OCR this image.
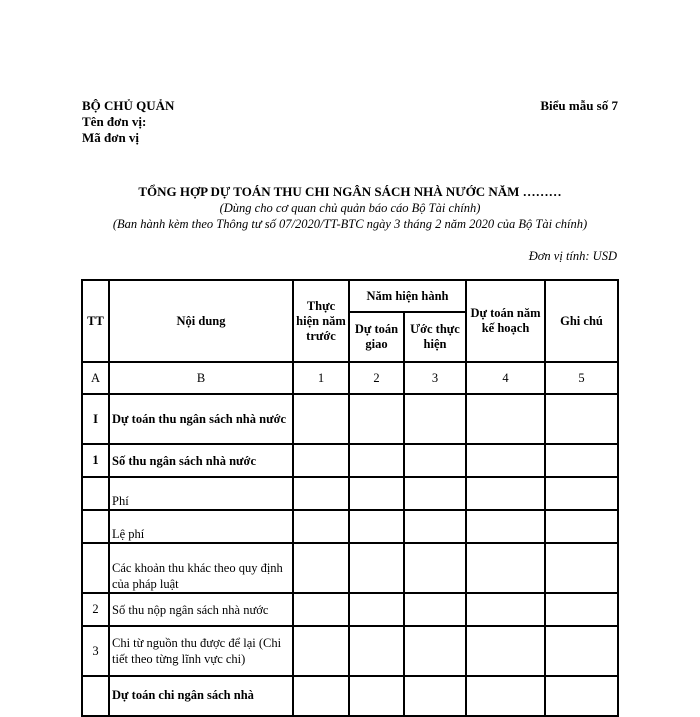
BỘ CHỦ QUẢN
Tên đơn vị:
Mã đơn vị
Biểu mẫu số 7
TỔNG HỢP DỰ TOÁN THU CHI NGÂN SÁCH NHÀ NƯỚC NĂM ………
(Dùng cho cơ quan chủ quản báo cáo Bộ Tài chính)
(Ban hành kèm theo Thông tư số 07/2020/TT-BTC ngày 3 tháng 2 năm 2020 của Bộ Tài chính)
Đơn vị tính: USD
TT	Nội dung	Thực hiện năm trước	Năm hiện hành		Dự toán năm kế hoạch	Ghi chú
			Dự toán giao	Ước thực hiện		
A	B	1	2	3	4	5
I	Dự toán thu ngân sách nhà nước					
1	Số thu ngân sách nhà nước					
	Phí					
	Lệ phí					
	Các khoản thu khác theo quy định của pháp luật					
2	Số thu nộp ngân sách nhà nước					
3	Chi từ nguồn thu được để lại (Chi tiết theo từng lĩnh vực chi)					
	Dự toán chi ngân sách nhà					
